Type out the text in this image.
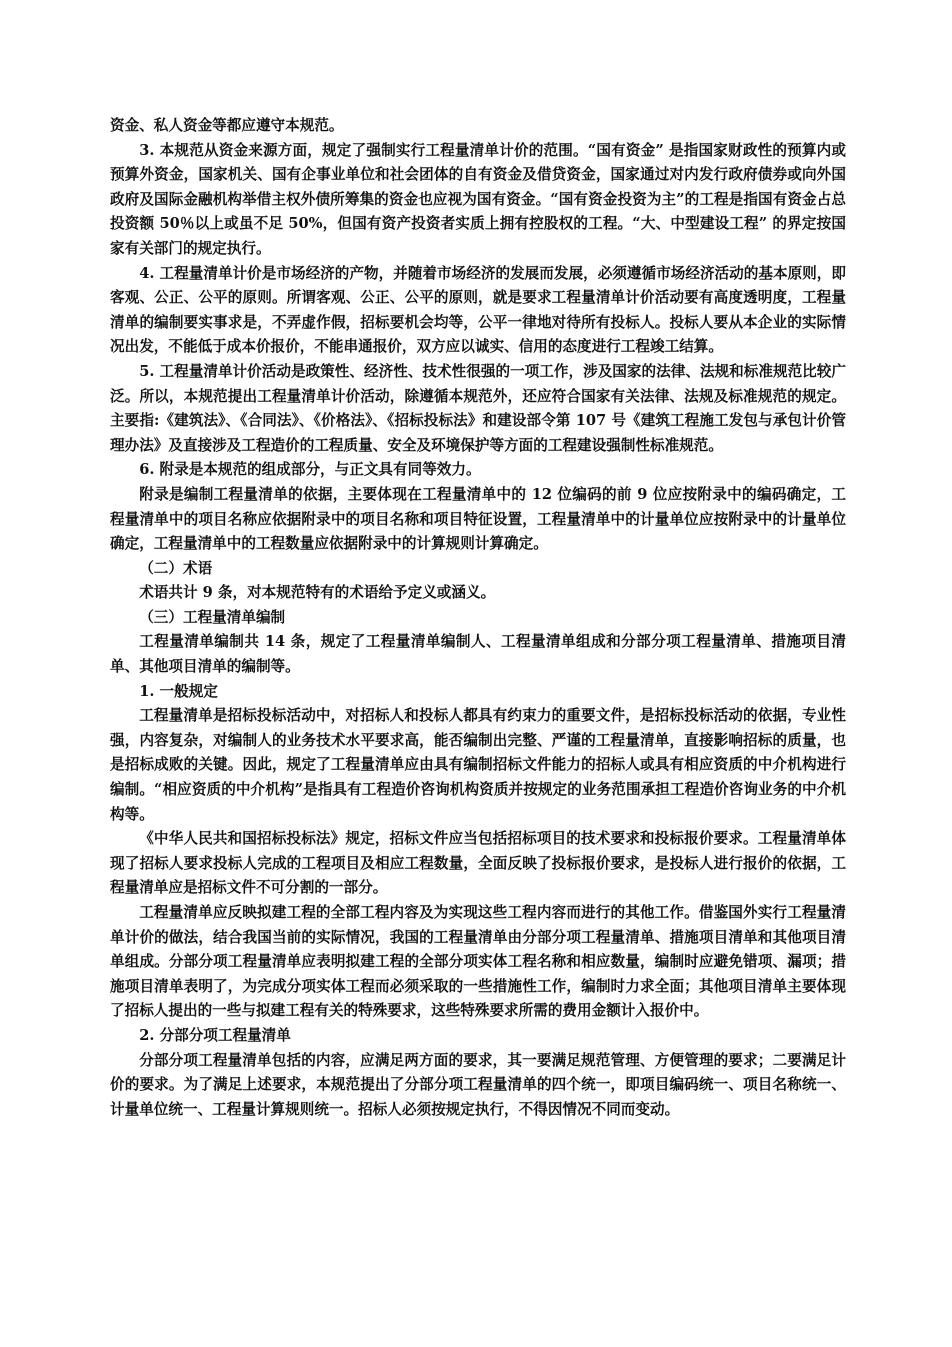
资金、私人资金等都应遵守本规范。

3. 本规范从资金来源方面，规定了强制实行工程量清单计价的范围。“国有资金” 是指国家财政性的预算内或预算外资金，国家机关、国有企事业单位和社会团体的自有资金及借贷资金，国家通过对内发行政府债券或向外国政府及国际金融机构举借主权外债所筹集的资金也应视为国有资金。“国有资金投资为主”的工程是指国有资金占总投资额 50％以上或虽不足 50%，但国有资产投资者实质上拥有控股权的工程。“大、中型建设工程” 的界定按国家有关部门的规定执行。

4. 工程量清单计价是市场经济的产物，并随着市场经济的发展而发展，必须遵循市场经济活动的基本原则，即客观、公正、公平的原则。所谓客观、公正、公平的原则，就是要求工程量清单计价活动要有高度透明度，工程量清单的编制要实事求是，不弄虚作假，招标要机会均等，公平一律地对待所有投标人。投标人要从本企业的实际情况出发，不能低于成本价报价，不能串通报价，双方应以诚实、信用的态度进行工程竣工结算。

5. 工程量清单计价活动是政策性、经济性、技术性很强的一项工作，涉及国家的法律、法规和标准规范比较广泛。所以，本规范提出工程量清单计价活动，除遵循本规范外，还应符合国家有关法律、法规及标准规范的规定。主要指:《建筑法》、《合同法》、《价格法》、《招标投标法》和建设部令第 107 号《建筑工程施工发包与承包计价管理办法》及直接涉及工程造价的工程质量、安全及环境保护等方面的工程建设强制性标准规范。

6. 附录是本规范的组成部分，与正文具有同等效力。

附录是编制工程量清单的依据，主要体现在工程量清单中的 12 位编码的前 9 位应按附录中的编码确定，工程量清单中的项目名称应依据附录中的项目名称和项目特征设置，工程量清单中的计量单位应按附录中的计量单位确定，工程量清单中的工程数量应依据附录中的计算规则计算确定。

（二）术语

术语共计 9 条，对本规范特有的术语给予定义或涵义。

（三）工程量清单编制

工程量清单编制共 14 条，规定了工程量清单编制人、工程量清单组成和分部分项工程量清单、措施项目清单、其他项目清单的编制等。

1. 一般规定

工程量清单是招标投标活动中，对招标人和投标人都具有约束力的重要文件，是招标投标活动的依据，专业性强，内容复杂，对编制人的业务技术水平要求高，能否编制出完整、严谨的工程量清单，直接影响招标的质量，也是招标成败的关键。因此，规定了工程量清单应由具有编制招标文件能力的招标人或具有相应资质的中介机构进行编制。“相应资质的中介机构”是指具有工程造价咨询机构资质并按规定的业务范围承担工程造价咨询业务的中介机构等。

《中华人民共和国招标投标法》规定，招标文件应当包括招标项目的技术要求和投标报价要求。工程量清单体现了招标人要求投标人完成的工程项目及相应工程数量，全面反映了投标报价要求，是投标人进行报价的依据，工程量清单应是招标文件不可分割的一部分。

工程量清单应反映拟建工程的全部工程内容及为实现这些工程内容而进行的其他工作。借鉴国外实行工程量清单计价的做法，结合我国当前的实际情况，我国的工程量清单由分部分项工程量清单、措施项目清单和其他项目清单组成。分部分项工程量清单应表明拟建工程的全部分项实体工程名称和相应数量，编制时应避免错项、漏项；措施项目清单表明了，为完成分项实体工程而必须采取的一些措施性工作，编制时力求全面；其他项目清单主要体现了招标人提出的一些与拟建工程有关的特殊要求，这些特殊要求所需的费用金额计入报价中。

2. 分部分项工程量清单

分部分项工程量清单包括的内容，应满足两方面的要求，其一要满足规范管理、方便管理的要求；二要满足计价的要求。为了满足上述要求，本规范提出了分部分项工程量清单的四个统一，即项目编码统一、项目名称统一、计量单位统一、工程量计算规则统一。招标人必须按规定执行，不得因情况不同而变动。
